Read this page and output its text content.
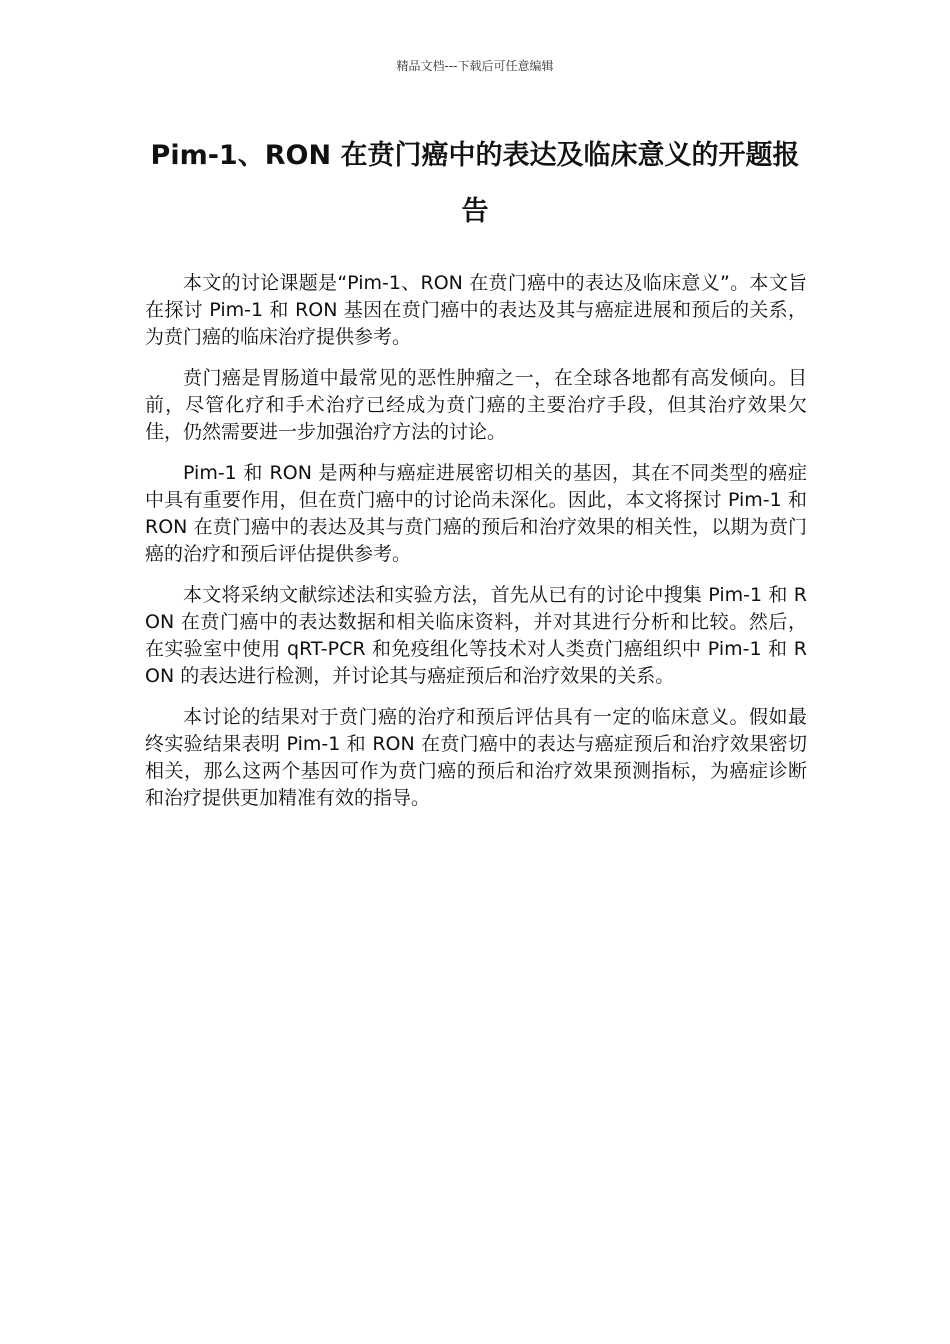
精品文档---下载后可任意编辑
Pim-1、RON 在贲门癌中的表达及临床意义的开题报告

本文的讨论课题是“Pim-1、RON 在贲门癌中的表达及临床意义”。本文旨在探讨 Pim-1 和 RON 基因在贲门癌中的表达及其与癌症进展和预后的关系，为贲门癌的临床治疗提供参考。

贲门癌是胃肠道中最常见的恶性肿瘤之一，在全球各地都有高发倾向。目前，尽管化疗和手术治疗已经成为贲门癌的主要治疗手段，但其治疗效果欠佳，仍然需要进一步加强治疗方法的讨论。

Pim-1 和 RON 是两种与癌症进展密切相关的基因，其在不同类型的癌症中具有重要作用，但在贲门癌中的讨论尚未深化。因此，本文将探讨 Pim-1 和 RON 在贲门癌中的表达及其与贲门癌的预后和治疗效果的相关性，以期为贲门癌的治疗和预后评估提供参考。

本文将采纳文献综述法和实验方法，首先从已有的讨论中搜集 Pim-1 和 RON 在贲门癌中的表达数据和相关临床资料，并对其进行分析和比较。然后，在实验室中使用 qRT-PCR 和免疫组化等技术对人类贲门癌组织中 Pim-1 和 RON 的表达进行检测，并讨论其与癌症预后和治疗效果的关系。

本讨论的结果对于贲门癌的治疗和预后评估具有一定的临床意义。假如最终实验结果表明 Pim-1 和 RON 在贲门癌中的表达与癌症预后和治疗效果密切相关，那么这两个基因可作为贲门癌的预后和治疗效果预测指标，为癌症诊断和治疗提供更加精准有效的指导。
